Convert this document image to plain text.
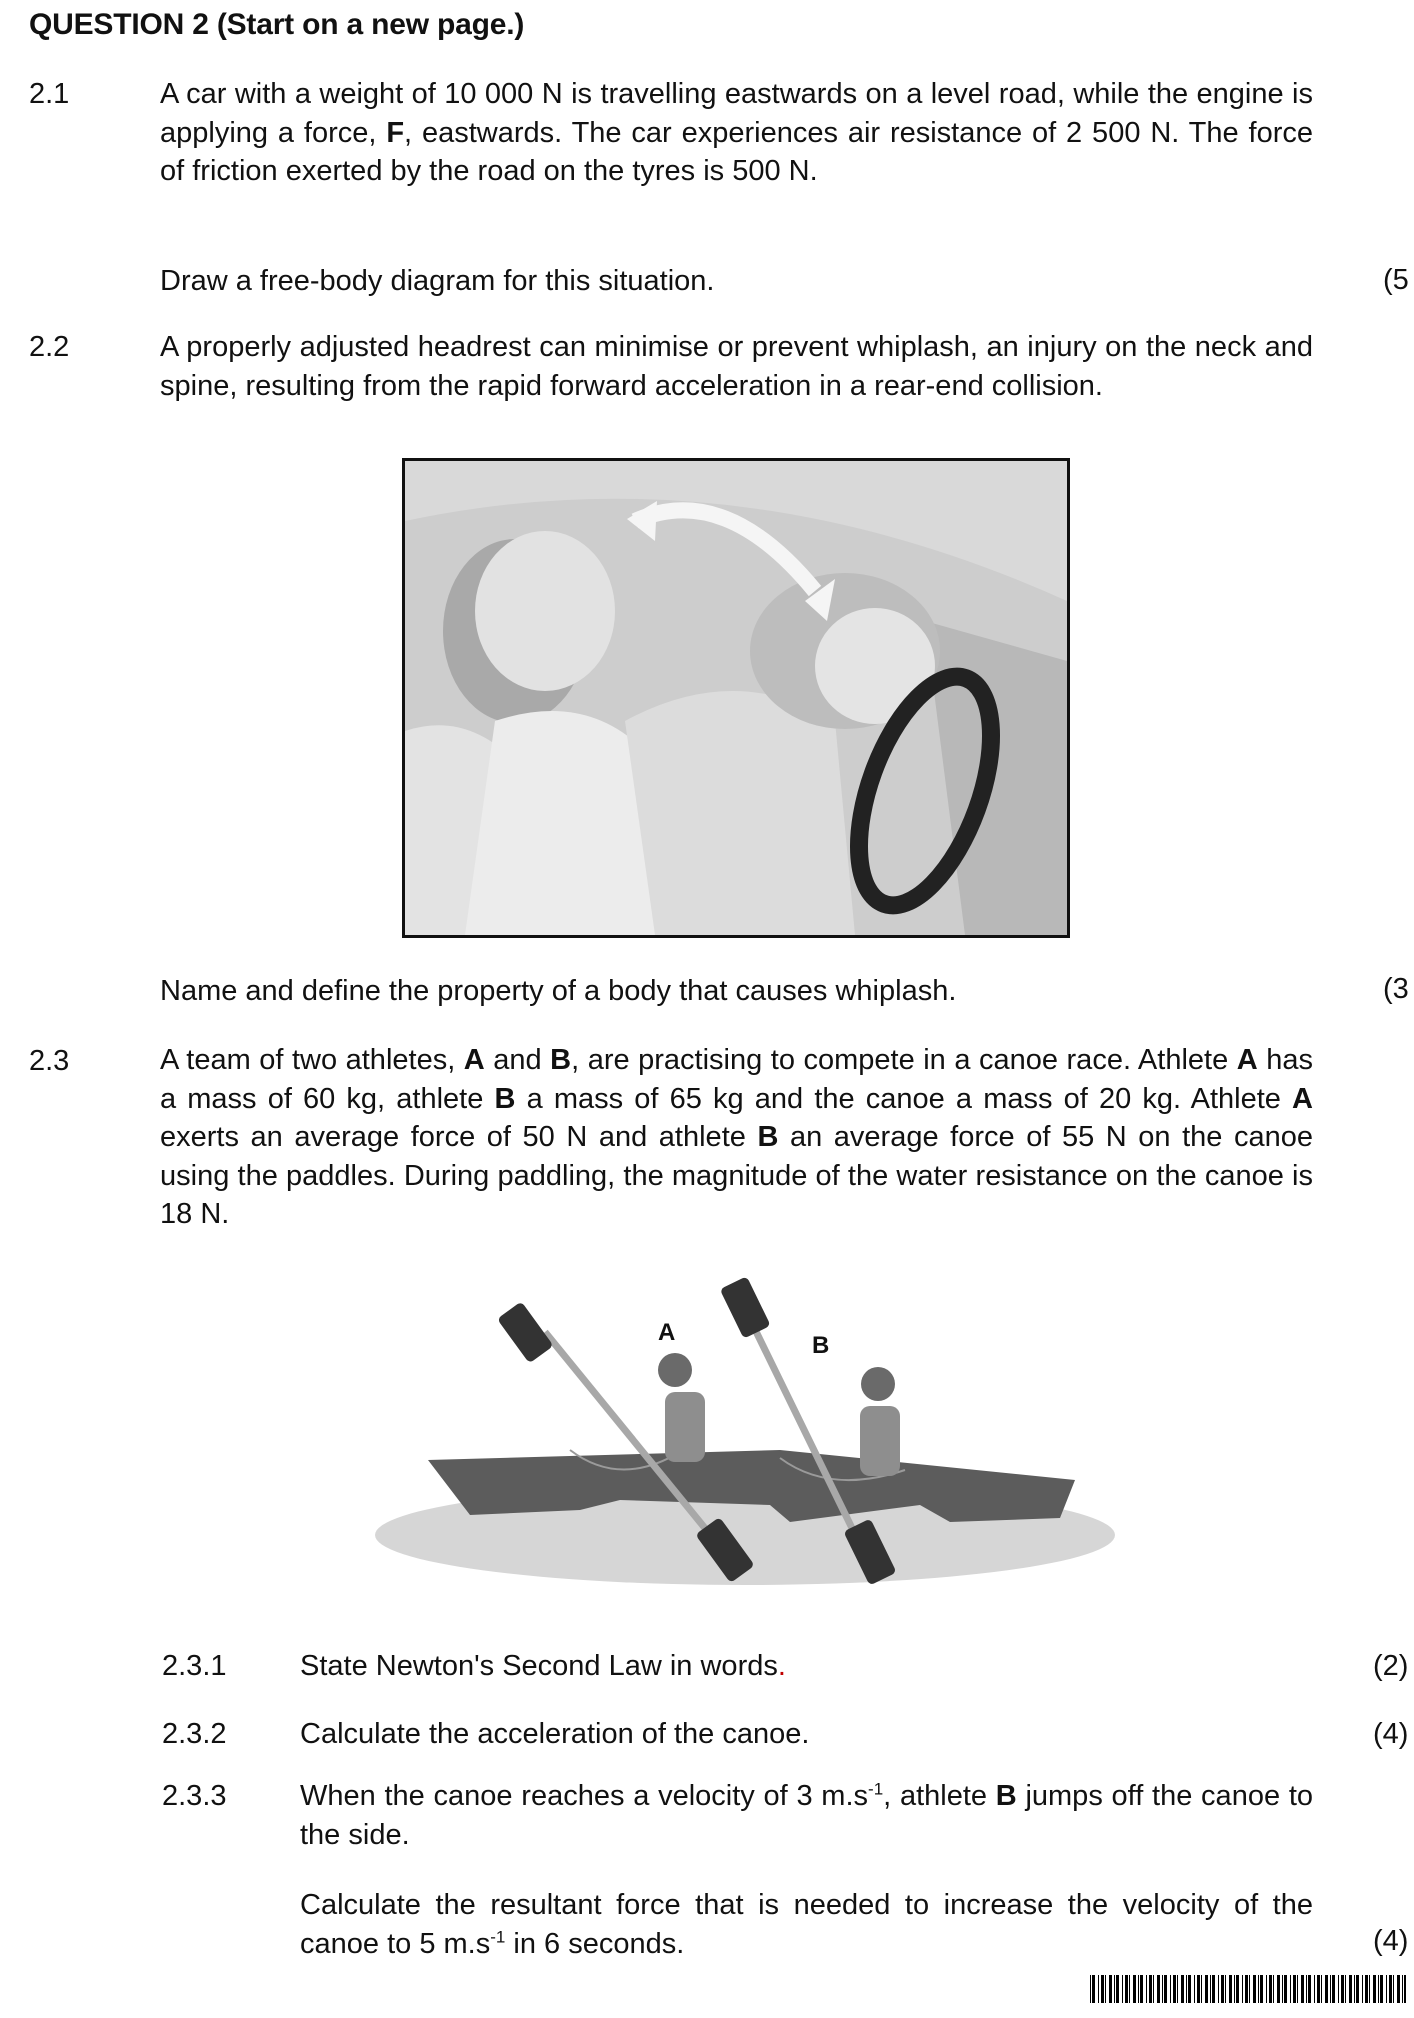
QUESTION 2 (Start on a new page.)
2.1	A car with a weight of 10 000 N is travelling eastwards on a level road, while the engine is applying a force, F, eastwards. The car experiences air resistance of 2 500 N. The force of friction exerted by the road on the tyres is 500 N.
Draw a free-body diagram for this situation.	(5
2.2	A properly adjusted headrest can minimise or prevent whiplash, an injury on the neck and spine, resulting from the rapid forward acceleration in a rear-end collision.
Name and define the property of a body that causes whiplash.	(3
2.3	A team of two athletes, A and B, are practising to compete in a canoe race. Athlete A has a mass of 60 kg, athlete B a mass of 65 kg and the canoe a mass of 20 kg. Athlete A exerts an average force of 50 N and athlete B an average force of 55 N on the canoe using the paddles. During paddling, the magnitude of the water resistance on the canoe is 18 N.
A	B
2.3.1	State Newton's Second Law in words.	(2)
2.3.2	Calculate the acceleration of the canoe.	(4)
2.3.3	When the canoe reaches a velocity of 3 $m.s^{-1}$, athlete B jumps off the canoe to the side.
Calculate the resultant force that is needed to increase the velocity of the canoe to 5 $m.s^{-1}$ in 6 seconds.	(4)
